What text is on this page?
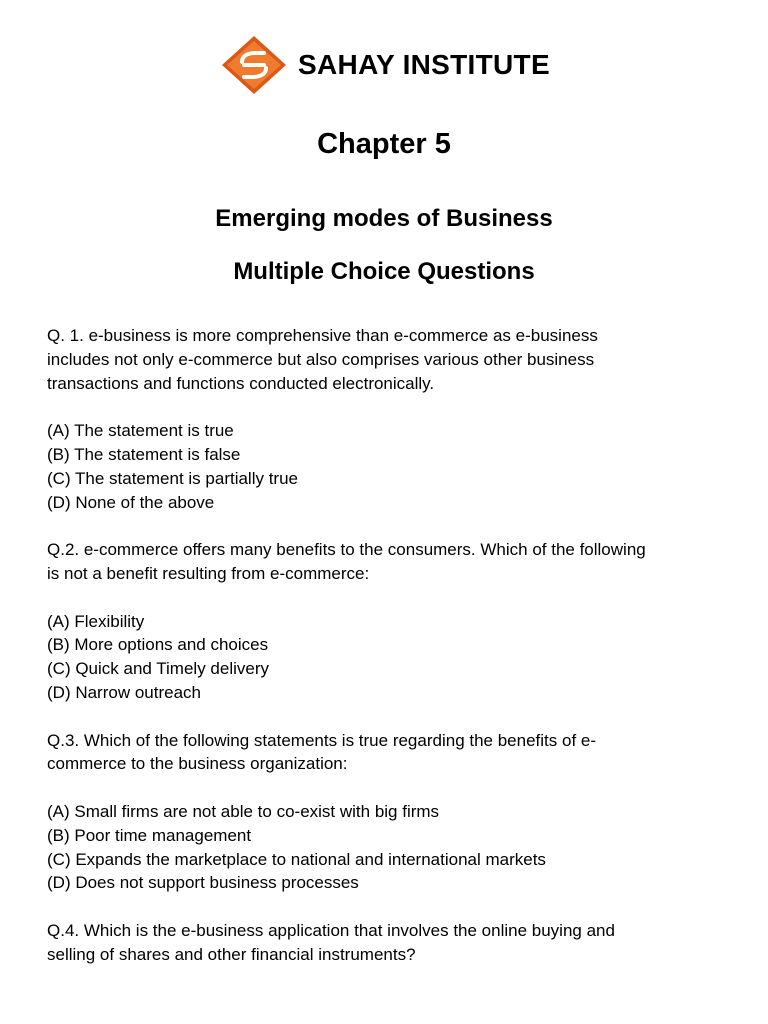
SAHAY INSTITUTE
Chapter 5
Emerging modes of Business
Multiple Choice Questions

Q. 1. e-business is more comprehensive than e-commerce as e-business

includes not only e-commerce but also comprises various other business

transactions and functions conducted electronically.

(A) The statement is true

(B) The statement is false

(C) The statement is partially true

(D) None of the above

Q.2. e-commerce offers many benefits to the consumers. Which of the following

is not a benefit resulting from e-commerce:

(A) Flexibility

(B) More options and choices

(C) Quick and Timely delivery

(D) Narrow outreach

Q.3. Which of the following statements is true regarding the benefits of e-

commerce to the business organization:

(A) Small firms are not able to co-exist with big firms

(B) Poor time management

(C) Expands the marketplace to national and international markets

(D) Does not support business processes

Q.4. Which is the e-business application that involves the online buying and

selling of shares and other financial instruments?
